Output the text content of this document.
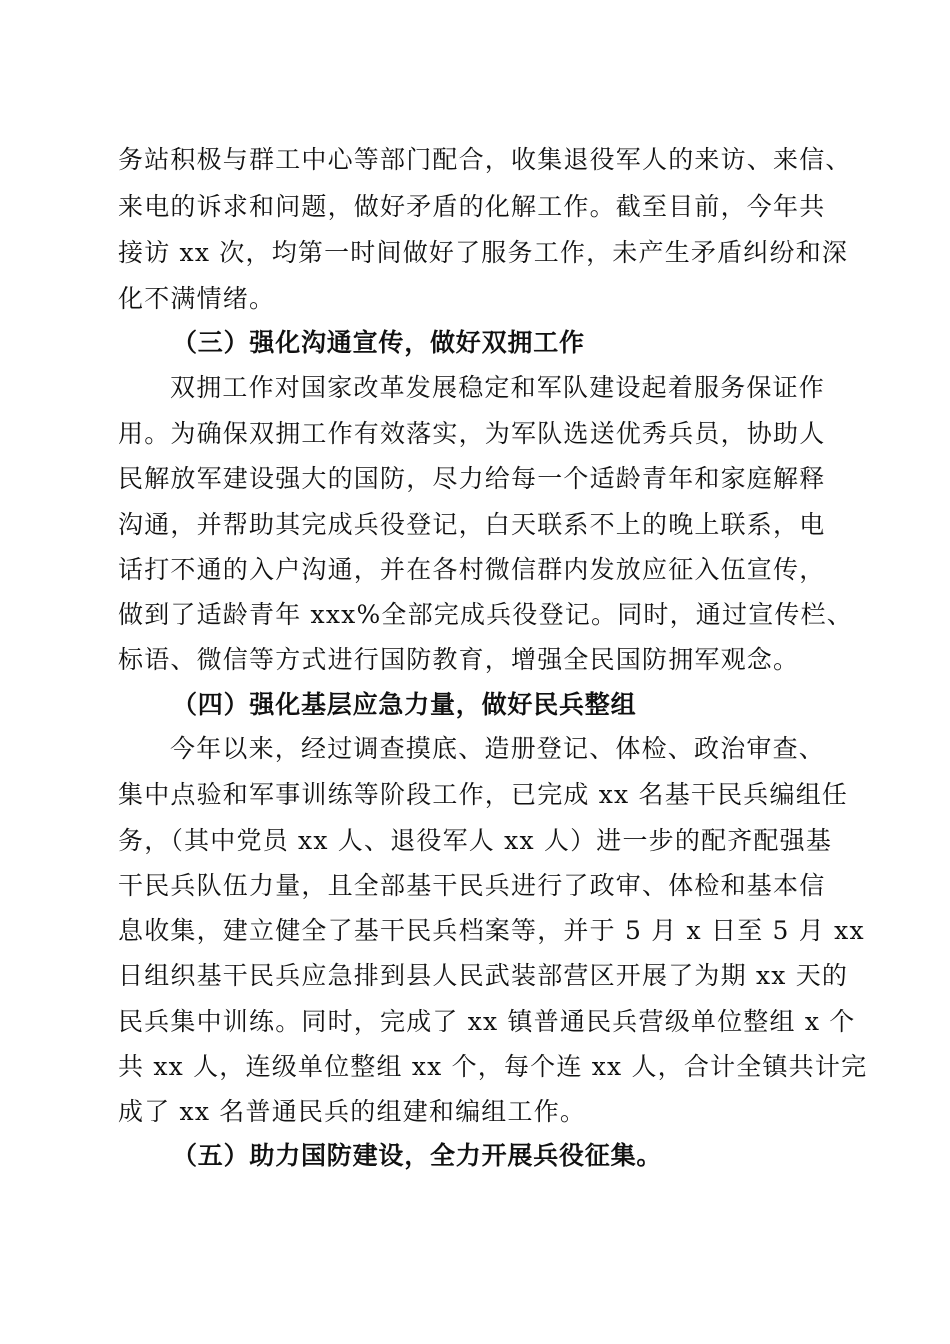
务站积极与群工中心等部门配合，收集退役军人的来访、来信、
来电的诉求和问题，做好矛盾的化解工作。截至目前，今年共
接访 xx 次，均第一时间做好了服务工作，未产生矛盾纠纷和深
化不满情绪。
（三）强化沟通宣传，做好双拥工作
双拥工作对国家改革发展稳定和军队建设起着服务保证作
用。为确保双拥工作有效落实，为军队选送优秀兵员，协助人
民解放军建设强大的国防，尽力给每一个适龄青年和家庭解释
沟通，并帮助其完成兵役登记，白天联系不上的晚上联系，电
话打不通的入户沟通，并在各村微信群内发放应征入伍宣传，
做到了适龄青年 xxx%全部完成兵役登记。同时，通过宣传栏、
标语、微信等方式进行国防教育，增强全民国防拥军观念。
（四）强化基层应急力量，做好民兵整组
今年以来，经过调查摸底、造册登记、体检、政治审查、
集中点验和军事训练等阶段工作，已完成 xx 名基干民兵编组任
务，（其中党员 xx 人、退役军人 xx 人）进一步的配齐配强基
干民兵队伍力量，且全部基干民兵进行了政审、体检和基本信
息收集，建立健全了基干民兵档案等，并于 5 月 x 日至 5 月 xx
日组织基干民兵应急排到县人民武装部营区开展了为期 xx 天的
民兵集中训练。同时，完成了 xx 镇普通民兵营级单位整组 x 个
共 xx 人，连级单位整组 xx 个，每个连 xx 人，合计全镇共计完
成了 xx 名普通民兵的组建和编组工作。
（五）助力国防建设，全力开展兵役征集。
